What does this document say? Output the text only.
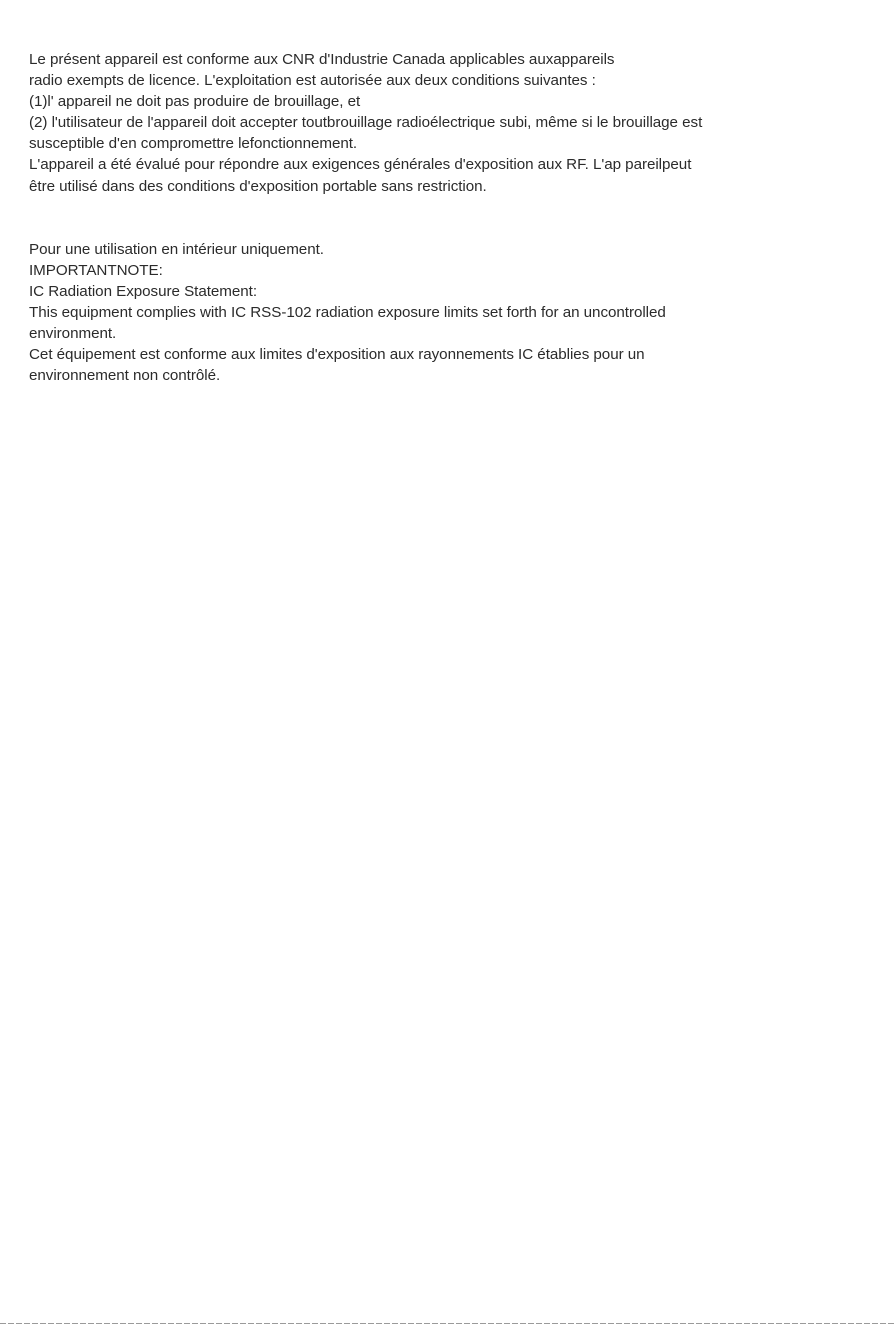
Le présent appareil est conforme aux CNR d'Industrie Canada applicables auxappareils
radio exempts de licence. L'exploitation est autorisée aux deux conditions suivantes :
(1)l' appareil ne doit pas produire de brouillage, et
(2) l'utilisateur de l'appareil doit accepter toutbrouillage radioélectrique subi, même si le brouillage est
susceptible d'en compromettre lefonctionnement.
L'appareil a été évalué pour répondre aux exigences générales d'exposition aux RF. L'ap pareilpeut
être utilisé dans des conditions d'exposition portable sans restriction.
Pour une utilisation en intérieur uniquement.
IMPORTANTNOTE:
IC Radiation Exposure Statement:
This equipment complies with IC RSS-102 radiation exposure limits set forth for an uncontrolled
environment.
Cet équipement est conforme aux limites d'exposition aux rayonnements IC établies pour un
environnement non contrôlé.
